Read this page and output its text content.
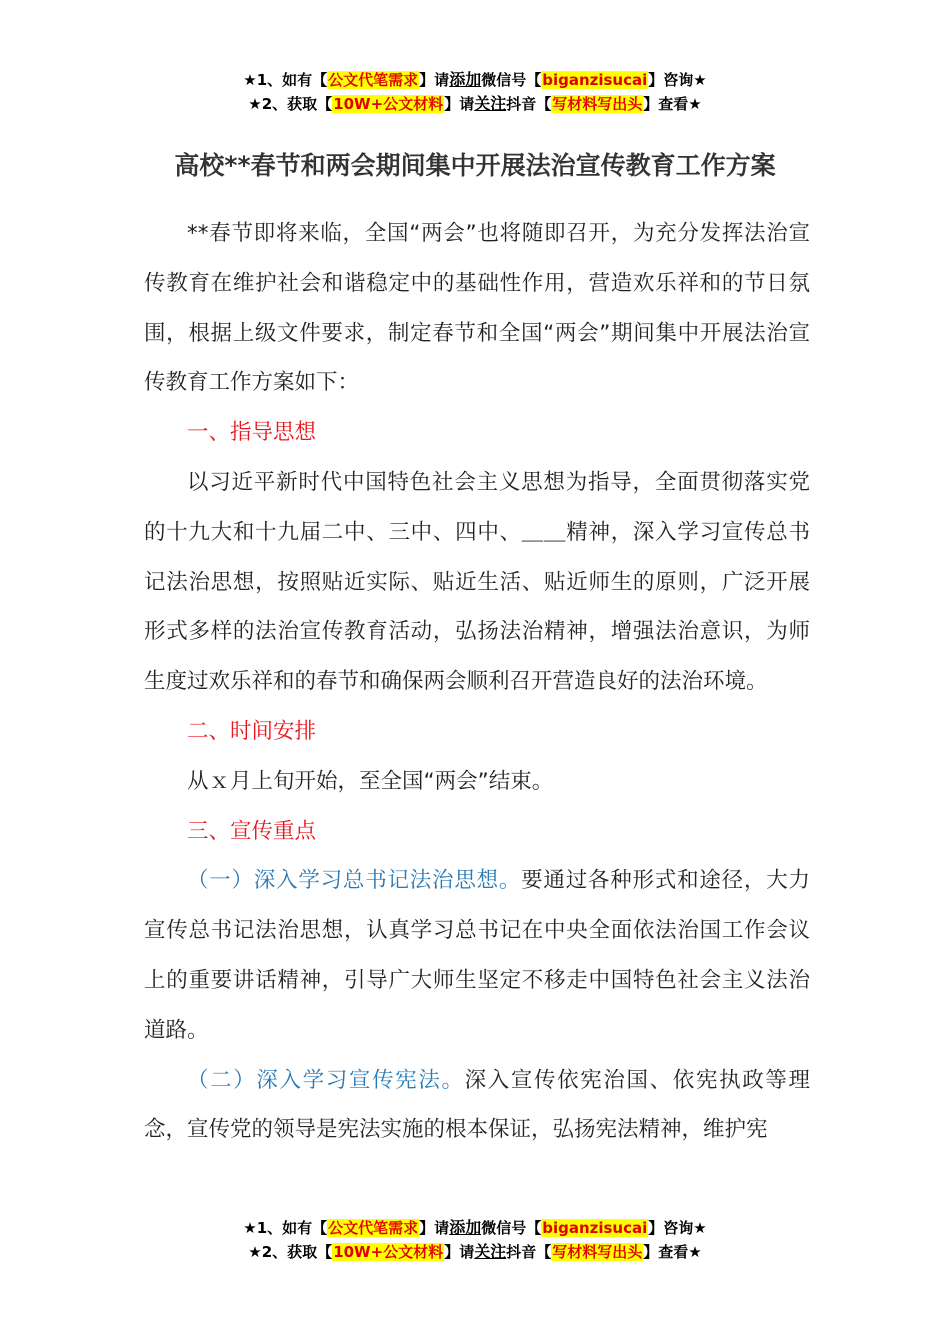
★1、如有【公文代笔需求】请添加微信号【biganzisucai】咨询★
★2、获取【10W+公文材料】请关注抖音【写材料写出头】查看★
高校**春节和两会期间集中开展法治宣传教育工作方案

**春节即将来临，全国“两会”也将随即召开，为充分发挥法治宣传教育在维护社会和谐稳定中的基础性作用，营造欢乐祥和的节日氛围，根据上级文件要求，制定春节和全国“两会”期间集中开展法治宣传教育工作方案如下：

一、指导思想

以习近平新时代中国特色社会主义思想为指导，全面贯彻落实党的十九大和十九届二中、三中、四中、＿＿精神，深入学习宣传总书记法治思想，按照贴近实际、贴近生活、贴近师生的原则，广泛开展形式多样的法治宣传教育活动，弘扬法治精神，增强法治意识，为师生度过欢乐祥和的春节和确保两会顺利召开营造良好的法治环境。

二、时间安排

从ｘ月上旬开始，至全国“两会”结束。

三、宣传重点

（一）深入学习总书记法治思想。要通过各种形式和途径，大力宣传总书记法治思想，认真学习总书记在中央全面依法治国工作会议上的重要讲话精神，引导广大师生坚定不移走中国特色社会主义法治道路。

（二）深入学习宣传宪法。深入宣传依宪治国、依宪执政等理念，宣传党的领导是宪法实施的根本保证，弘扬宪法精神，维护宪

★1、如有【公文代笔需求】请添加微信号【biganzisucai】咨询★
★2、获取【10W+公文材料】请关注抖音【写材料写出头】查看★
